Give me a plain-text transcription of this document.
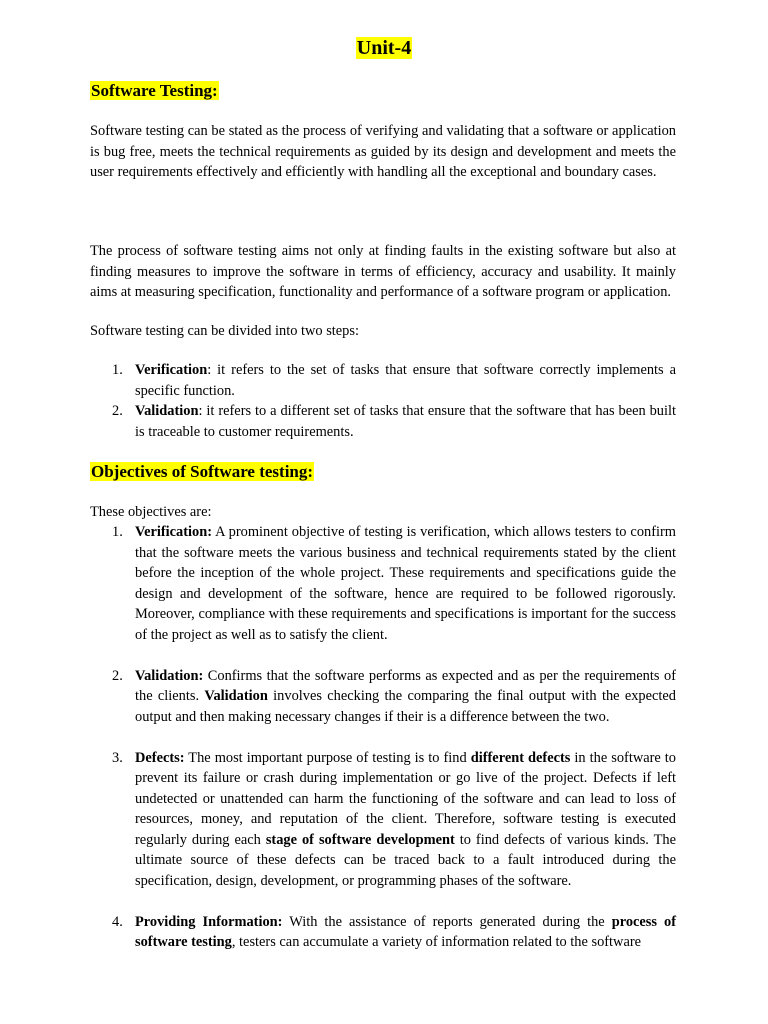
Unit-4
Software Testing:

Software testing can be stated as the process of verifying and validating that a software or application is bug free, meets the technical requirements as guided by its design and development and meets the user requirements effectively and efficiently with handling all the exceptional and boundary cases.

The process of software testing aims not only at finding faults in the existing software but also at finding measures to improve the software in terms of efficiency, accuracy and usability. It mainly aims at measuring specification, functionality and performance of a software program or application.

Software testing can be divided into two steps:

1. Verification: it refers to the set of tasks that ensure that software correctly implements a specific function.
2. Validation: it refers to a different set of tasks that ensure that the software that has been built is traceable to customer requirements.
Objectives of Software testing:

These objectives are:

1. Verification: A prominent objective of testing is verification, which allows testers to confirm that the software meets the various business and technical requirements stated by the client before the inception of the whole project. These requirements and specifications guide the design and development of the software, hence are required to be followed rigorously. Moreover, compliance with these requirements and specifications is important for the success of the project as well as to satisfy the client.
2. Validation: Confirms that the software performs as expected and as per the requirements of the clients. Validation involves checking the comparing the final output with the expected output and then making necessary changes if their is a difference between the two.
3. Defects: The most important purpose of testing is to find different defects in the software to prevent its failure or crash during implementation or go live of the project. Defects if left undetected or unattended can harm the functioning of the software and can lead to loss of resources, money, and reputation of the client. Therefore, software testing is executed regularly during each stage of software development to find defects of various kinds. The ultimate source of these defects can be traced back to a fault introduced during the specification, design, development, or programming phases of the software.
4. Providing Information: With the assistance of reports generated during the process of software testing, testers can accumulate a variety of information related to the software
